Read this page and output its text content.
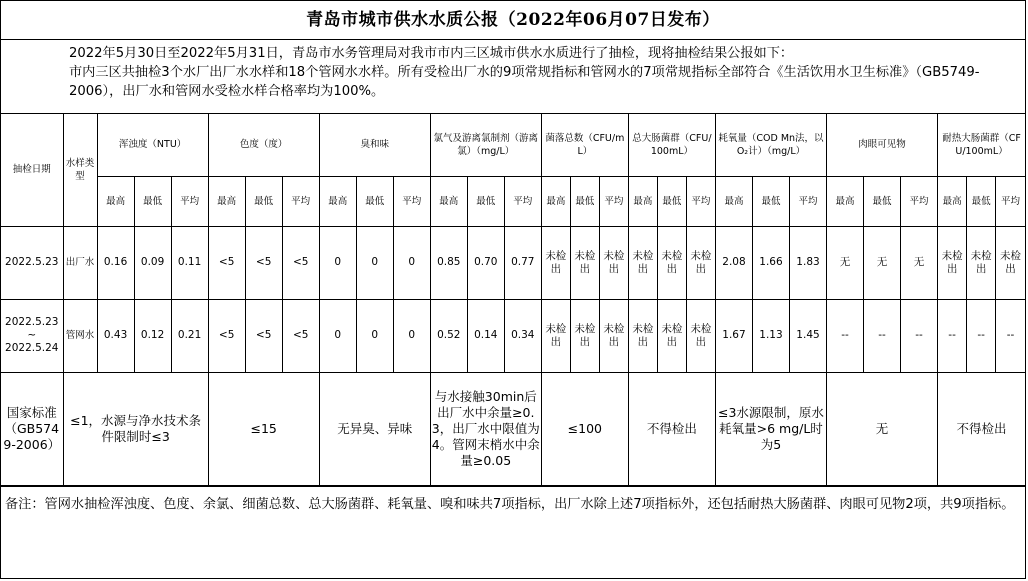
青岛市城市供水水质公报（2022年06月07日发布）
2022年5月30日至2022年5月31日，青岛市水务管理局对我市市内三区城市供水水质进行了抽检，现将抽检结果公报如下：
市内三区共抽检3个水厂出厂水水样和18个管网水水样。所有受检出厂水的9项常规指标和管网水的7项常规指标全部符合《生活饮用水卫生标准》（GB5749-2006），出厂水和管网水受检水样合格率均为100%。
抽检日期	水样类型	浑浊度（NTU）			色度（度）			臭和味			氯气及游离氯制剂（游离氯）（mg/L）			菌落总数（CFU/mL）			总大肠菌群（CFU/100mL）			耗氧量（COD Mn法，以O₂计）（mg/L）			肉眼可见物			耐热大肠菌群（CFU/100mL）		
		最高	最低	平均	最高	最低	平均	最高	最低	平均	最高	最低	平均	最高	最低	平均	最高	最低	平均	最高	最低	平均	最高	最低	平均	最高	最低	平均
2022.5.23	出厂水	0.16	0.09	0.11	<5	<5	<5	0	0	0	0.85	0.70	0.77	未检出	未检出	未检出	未检出	未检出	未检出	2.08	1.66	1.83	无	无	无	未检出	未检出	未检出
2022.5.23
~
2022.5.24	管网水	0.43	0.12	0.21	<5	<5	<5	0	0	0	0.52	0.14	0.34	未检出	未检出	未检出	未检出	未检出	未检出	1.67	1.13	1.45	--	--	--	--	--	--
国家标准
（GB5749-2006）	≤1，水源与净水技术条件限制时≤3				≤15			无异臭、异味			与水接触30min后出厂水中余量≥0.3，出厂水中限值为4。管网末梢水中余量≥0.05			≤100			不得检出			≤3水源限制，原水耗氧量>6 mg/L时为5			无			不得检出		
备注：管网水抽检浑浊度、色度、余氯、细菌总数、总大肠菌群、耗氧量、嗅和味共7项指标，出厂水除上述7项指标外，还包括耐热大肠菌群、肉眼可见物2项，共9项指标。
